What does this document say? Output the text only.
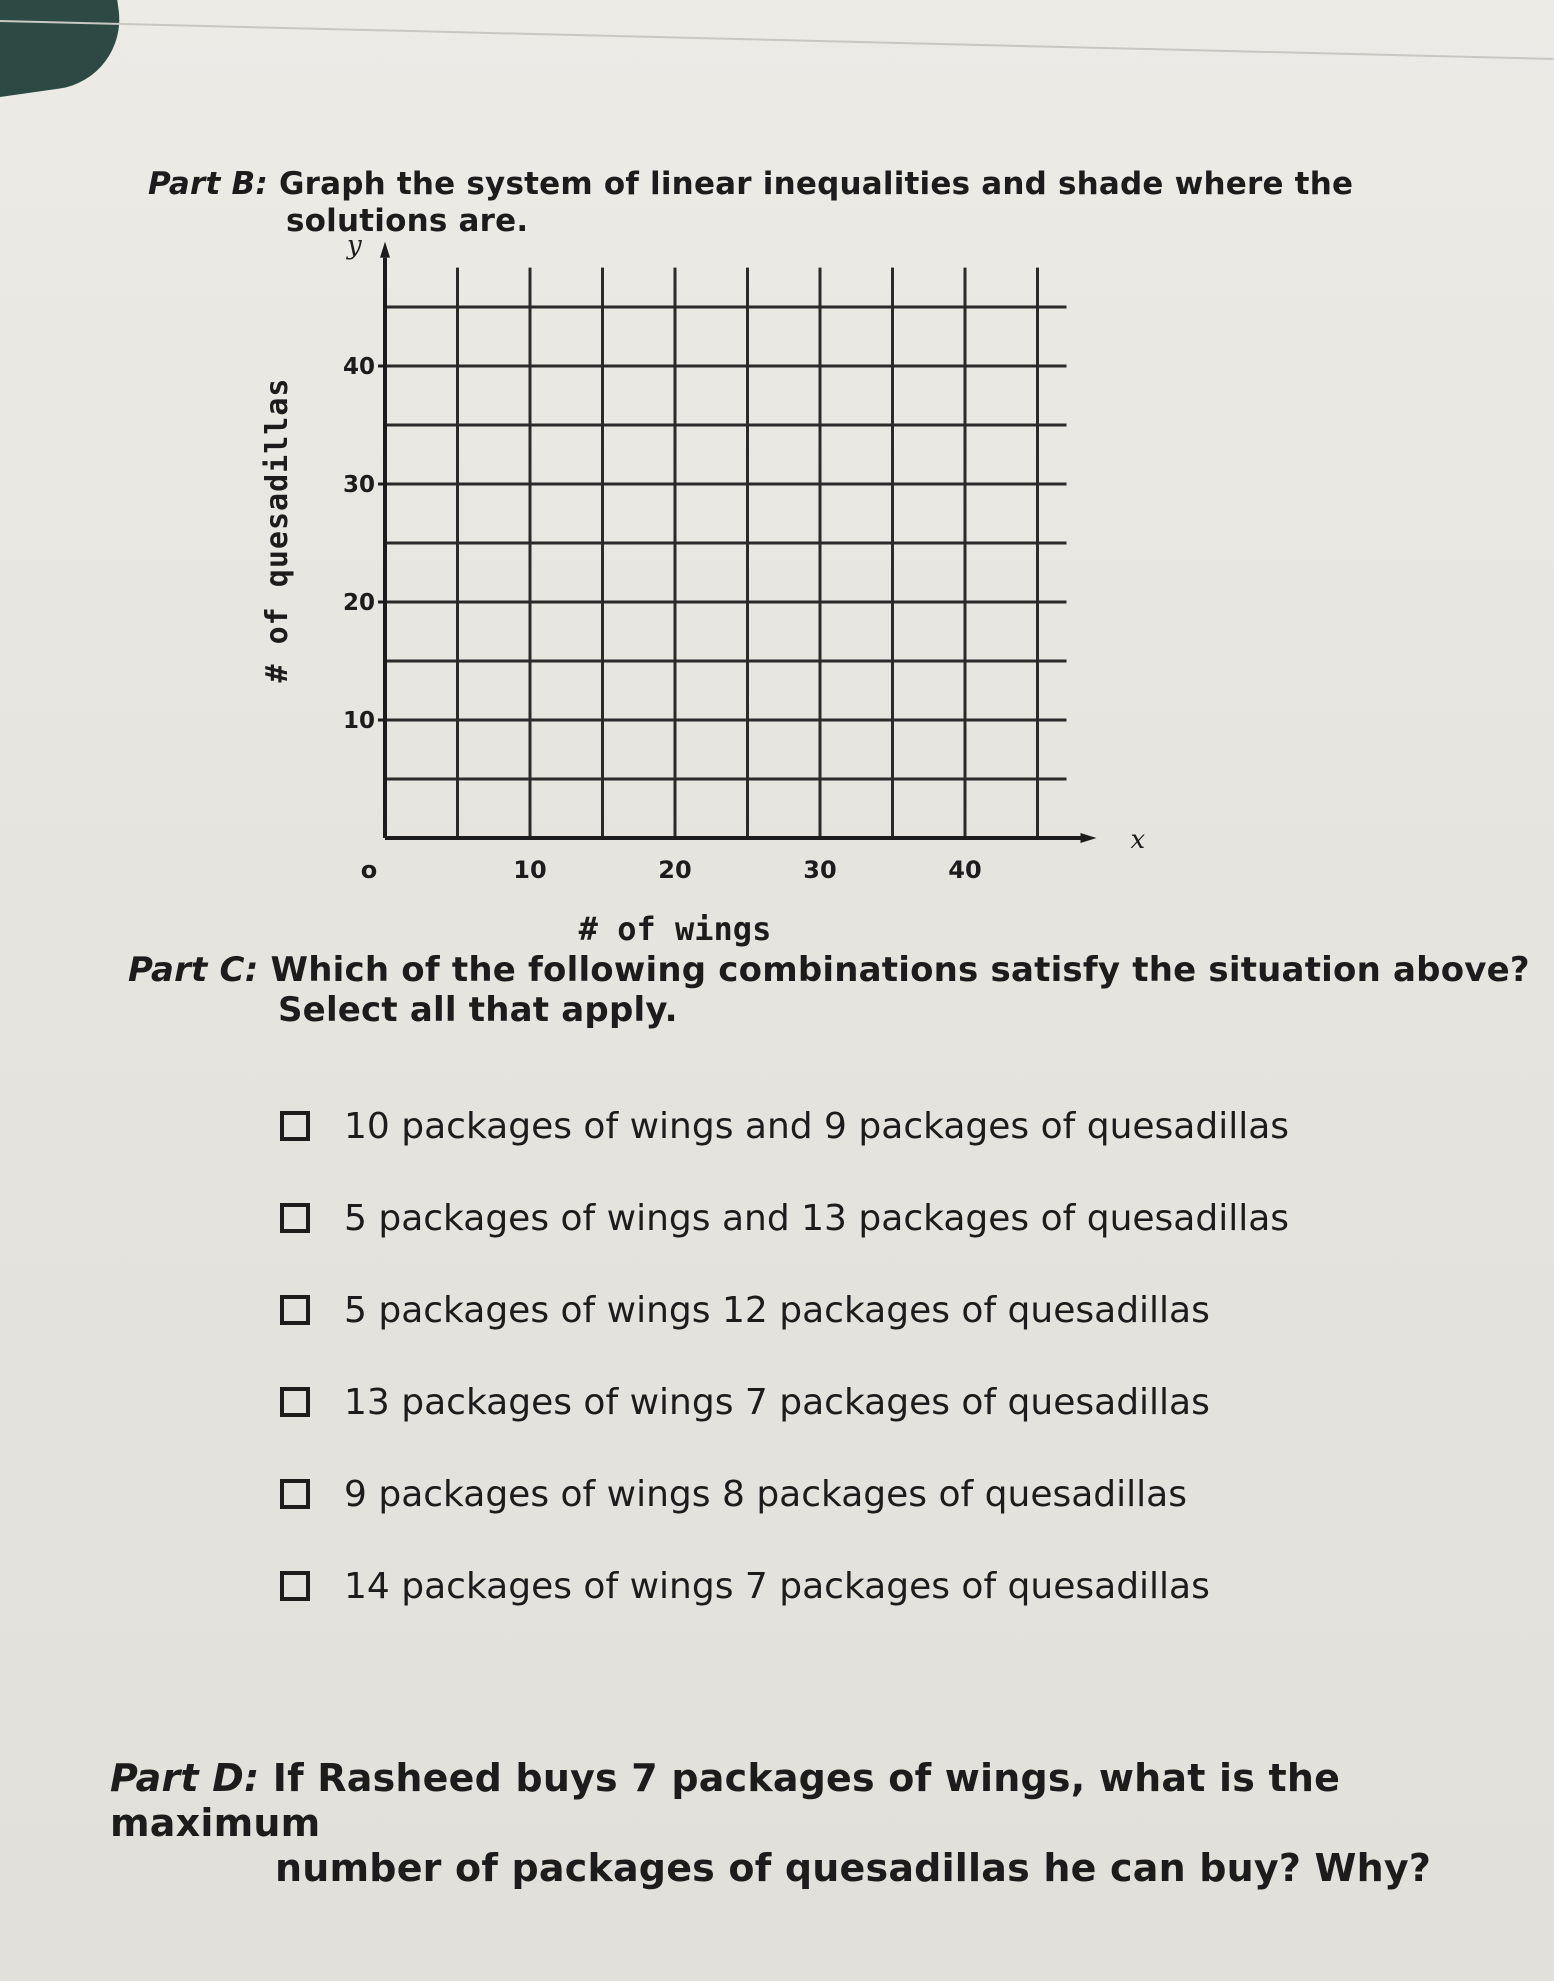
Part B: Graph the system of linear inequalities and shade where the
solutions are.
# of quesadillas
o	10	20	30	40
10
20
30
40
x
y
# of wings
Part C: Which of the following combinations satisfy the situation above?
Select all that apply.
10 packages of wings and 9 packages of quesadillas
5 packages of wings and 13 packages of quesadillas
5 packages of wings 12 packages of quesadillas
13 packages of wings 7 packages of quesadillas
9 packages of wings 8 packages of quesadillas
14 packages of wings 7 packages of quesadillas
Part D: If Rasheed buys 7 packages of wings, what is the maximum
number of packages of quesadillas he can buy? Why?
